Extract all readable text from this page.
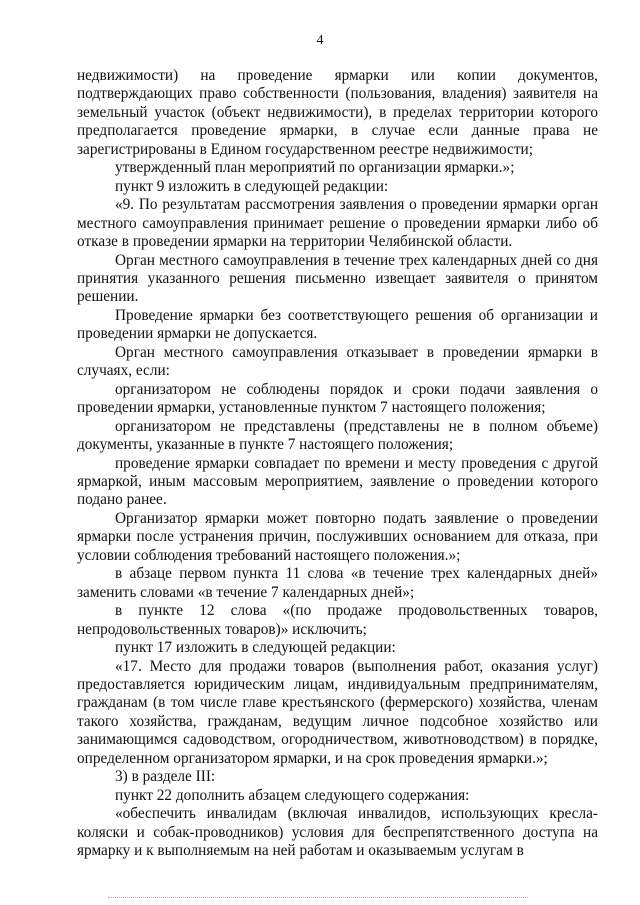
4

недвижимости) на проведение ярмарки или копии документов, подтверждающих право собственности (пользования, владения) заявителя на земельный участок (объект недвижимости), в пределах территории которого предполагается проведение ярмарки, в случае если данные права не зарегистрированы в Едином государственном реестре недвижимости;

утвержденный план мероприятий по организации ярмарки.»;

пункт 9 изложить в следующей редакции:

«9. По результатам рассмотрения заявления о проведении ярмарки орган местного самоуправления принимает решение о проведении ярмарки либо об отказе в проведении ярмарки на территории Челябинской области.

Орган местного самоуправления в течение трех календарных дней со дня принятия указанного решения письменно извещает заявителя о принятом решении.

Проведение ярмарки без соответствующего решения об организации и проведении ярмарки не допускается.

Орган местного самоуправления отказывает в проведении ярмарки в случаях, если:

организатором не соблюдены порядок и сроки подачи заявления о проведении ярмарки, установленные пунктом 7 настоящего положения;

организатором не представлены (представлены не в полном объеме) документы, указанные в пункте 7 настоящего положения;

проведение ярмарки совпадает по времени и месту проведения с другой ярмаркой, иным массовым мероприятием, заявление о проведении которого подано ранее.

Организатор ярмарки может повторно подать заявление о проведении ярмарки после устранения причин, послуживших основанием для отказа, при условии соблюдения требований настоящего положения.»;

в абзаце первом пункта 11 слова «в течение трех календарных дней» заменить словами «в течение 7 календарных дней»;

в пункте 12 слова «(по продаже продовольственных товаров, непродовольственных товаров)» исключить;

пункт 17 изложить в следующей редакции:

«17. Место для продажи товаров (выполнения работ, оказания услуг) предоставляется юридическим лицам, индивидуальным предпринимателям, гражданам (в том числе главе крестьянского (фермерского) хозяйства, членам такого хозяйства, гражданам, ведущим личное подсобное хозяйство или занимающимся садоводством, огородничеством, животноводством) в порядке, определенном организатором ярмарки, и на срок проведения ярмарки.»;

3) в разделе III:

пункт 22 дополнить абзацем следующего содержания:

«обеспечить инвалидам (включая инвалидов, использующих кресла-коляски и собак-проводников) условия для беспрепятственного доступа на ярмарку и к выполняемым на ней работам и оказываемым услугам в
